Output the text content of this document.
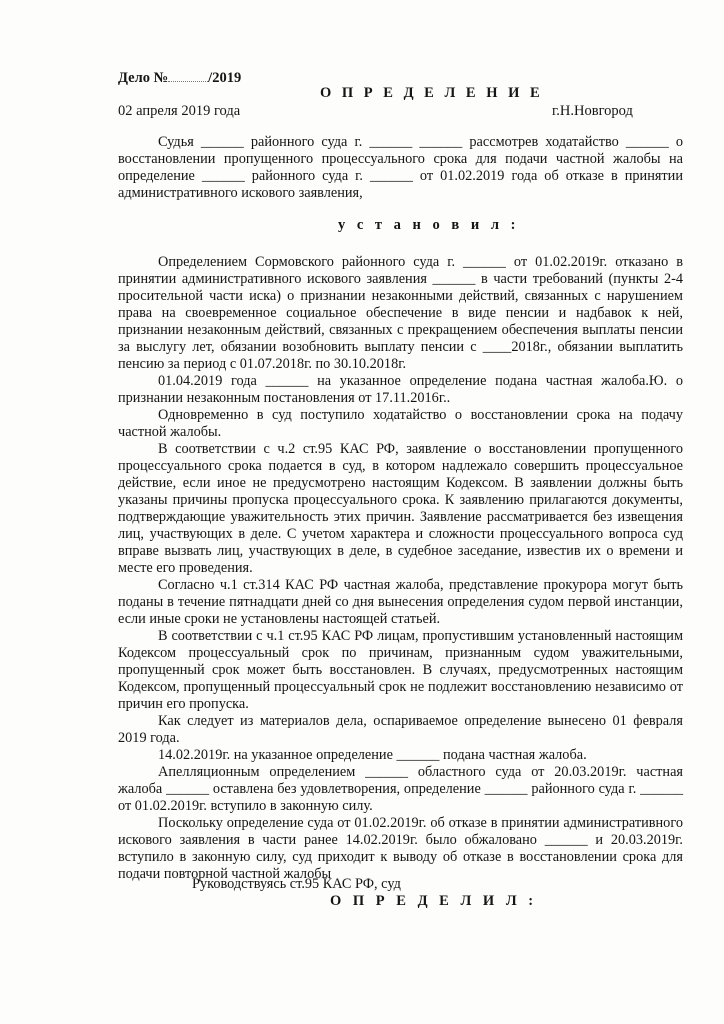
Дело №	/2019
О П Р Е Д Е Л Е Н И Е
02 апреля 2019 года	г.Н.Новгород

Судья ______ районного суда г. ______ ______ рассмотрев ходатайство ______ о восстановлении пропущенного процессуального срока для подачи частной жалобы на определение ______ районного суда г. ______ от 01.02.2019 года об отказе в принятии административного искового заявления,

у с т а н о в и л :

Определением Сормовского районного суда г. ______ от 01.02.2019г. отказано в принятии административного искового заявления ______ в части требований (пункты 2-4 просительной части иска) о признании незаконными действий, связанных с нарушением права на своевременное социальное обеспечение в виде пенсии и надбавок к ней, признании незаконным действий, связанных с прекращением обеспечения выплаты пенсии за выслугу лет, обязании возобновить выплату пенсии с ____2018г., обязании выплатить пенсию за период с 01.07.2018г. по 30.10.2018г.

01.04.2019 года ______ на указанное определение подана частная жалоба.Ю. о признании незаконным постановления от 17.11.2016г..

Одновременно в суд поступило ходатайство о восстановлении срока на подачу частной жалобы.

В соответствии с ч.2 ст.95 КАС РФ, заявление о восстановлении пропущенного процессуального срока подается в суд, в котором надлежало совершить процессуальное действие, если иное не предусмотрено настоящим Кодексом. В заявлении должны быть указаны причины пропуска процессуального срока. К заявлению прилагаются документы, подтверждающие уважительность этих причин. Заявление рассматривается без извещения лиц, участвующих в деле. С учетом характера и сложности процессуального вопроса суд вправе вызвать лиц, участвующих в деле, в судебное заседание, известив их о времени и месте его проведения.

Согласно ч.1 ст.314 КАС РФ частная жалоба, представление прокурора могут быть поданы в течение пятнадцати дней со дня вынесения определения судом первой инстанции, если иные сроки не установлены настоящей статьей.

В соответствии с ч.1 ст.95 КАС РФ лицам, пропустившим установленный настоящим Кодексом процессуальный срок по причинам, признанным судом уважительными, пропущенный срок может быть восстановлен. В случаях, предусмотренных настоящим Кодексом, пропущенный процессуальный срок не подлежит восстановлению независимо от причин его пропуска.

Как следует из материалов дела, оспариваемое определение вынесено 01 февраля 2019 года.

14.02.2019г. на указанное определение ______ подана частная жалоба.

Апелляционным определением ______ областного суда от 20.03.2019г. частная жалоба ______ оставлена без удовлетворения, определение ______ районного суда г. ______ от 01.02.2019г. вступило в законную силу.

Поскольку определение суда от 01.02.2019г. об отказе в принятии административного искового заявления в части ранее 14.02.2019г. было обжаловано ______ и 20.03.2019г. вступило в законную силу, суд приходит к выводу об отказе в восстановлении срока для подачи повторной частной жалобы

Руководствуясь ст.95 КАС РФ, суд
О П Р Е Д Е Л И Л :
